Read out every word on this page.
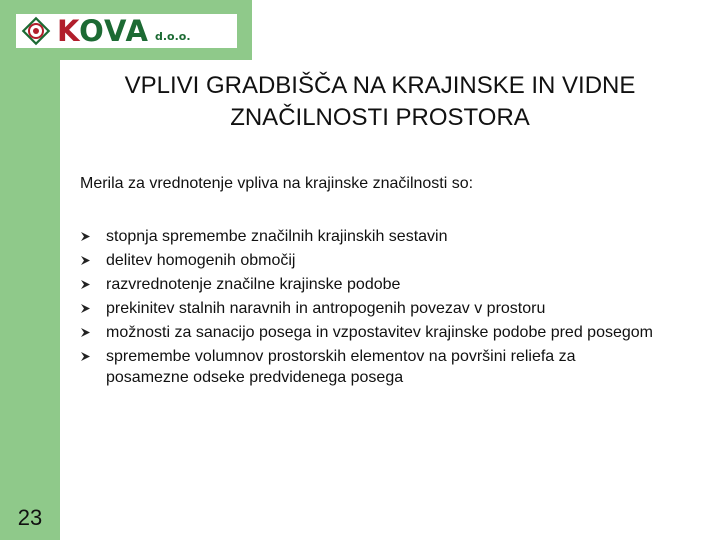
KOVA d.o.o.
VPLIVI GRADBIŠČA NA KRAJINSKE IN VIDNE ZNAČILNOSTI PROSTORA

Merila za vrednotenje vpliva na krajinske značilnosti so:

stopnja spremembe značilnih krajinskih sestavin
delitev homogenih območij
razvrednotenje značilne krajinske podobe
prekinitev stalnih naravnih in antropogenih povezav v prostoru
možnosti za sanacijo posega in vzpostavitev krajinske podobe pred posegom
spremembe volumnov prostorskih elementov na površini reliefa za posamezne odseke predvidenega posega
23
